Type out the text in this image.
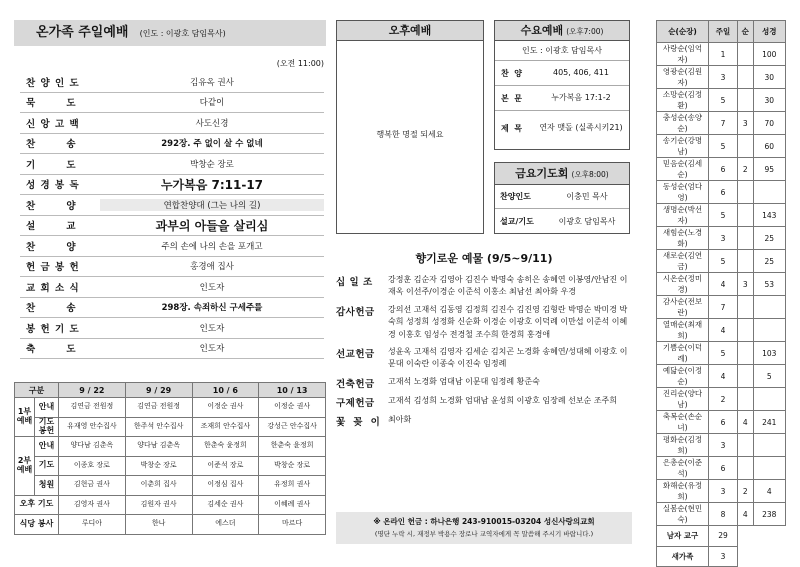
온가족 주일예배 (인도 : 이광호 담임목사)
(오전 11:00)
찬 양 인 도	김유옥 권사
묵       도	다같이
신 앙 고 백	사도신경
찬       송	292장. 주 없이 살 수 없네
기       도	박창순 장로
성 경 봉 독	누가복음 7:11-17
찬       양	연합찬양대 (그는 나의 길)
설       교	과부의 아들을 살리심
찬       양	주의 손에 나의 손을 포개고
헌 금 봉 헌	홍경애 집사
교 회 소 식	인도자
찬       송	298장. 속죄하신 구세주를
봉 헌 기 도	인도자
축       도	인도자
구분		9 / 22	9 / 29	10 / 6	10 / 13
1부 예배	안내	김연금 전원정	김연금 전원정	이정순 권사	이정순 권사
	기도 봉헌	유재영 안수집사	한주석 안수집사	조재희 안수집사	강성근 안수집사
2부 예배	안내	양다남 김춘옥	양다남 김춘옥	한춘숙 윤정희	한춘숙 윤정희
	기도	이종호 장로	박창순 장로	이준석 장로	박창순 장로
	청원	김현금 권사	이춘희 집사	이정심 집사	유정희 권사
오후 기도		김영자 권사	김원자 권사	김세순 권사	이혜례 권사
식당 봉사		루디아	한나	에스더	마르다
오후예배
행복한 명절 되세요
수요예배 (오후7:00)
인도 : 이광호 담임목사
찬  양	405, 406, 411
본  문	누가복음 17:1-2
제  목	연자 맷돌 (실족시키21)
금요기도회 (오후8:00)
찬양인도	이충민 목사
설교/기도	이광호 담임목사
향기로운 예물 (9/5~9/11)
십 일 조	강정훈 김순자 김영아 김진수 박명숙 송히은 송혜연 이봉영/안남진 이재옥 이선주/이경순 이준석 이홍소 최남선 최아화 우경
감사헌금	강의선 고재석 김동영 김정희 김진수 김진영 김형란 박명순 박미경 박숙희 성정희 성정화 신순화 이경순 이광호 이덕례 이만섭 이준석 이혜경 이홍호 임성수 전경철 조수희 한경희 홍경애
선교헌금	성윤옥 고재석 김영자 김세순 김치곤 노경화 송혜연/성대혜 이광호 이문대 이숙란 이종숙 이진숙 임정례
건축헌금	고재석 노경화 엄대남 이문대 임정례 황준숙
구제헌금	고재석 김성희 노경화 엄대남 윤성희 이광호 임장례 선보순 조주희
꽃  꽂  이 최아화
※ 온라인 헌금 : 하나은행 243-910015-03204 성신사랑의교회
(명단 누락 시, 재정부 박용수 장로나 교역자에게 꼭 말씀해 주시기 바랍니다.)
순(순장)	주일	순	성경
사랑순(임억자)	1		100
영광순(김원자)	3		30
소망순(김정환)	5		30
충성순(송양순)	7	3	70
송기순(강명남)	5		60
믿음순(김세순)	6	2	95
동성순(엄다영)	6		
생명순(박선자)	5		143
새힘순(노경화)	3		25
새로순(김연금)	5		25
시온순(정미경)	4	3	53
감사순(전보란)	7		
열매순(최재희)	4		
기쁨순(이덕례)	5		103
예닮순(이정순)	4		5
진리순(양다남)	2		
축복순(손순녀)	6	4	241
평화순(김정희)	3		
은총순(이준석)	6		
화해순(유정희)	3	2	4
실봄순(현민숙)	8	4	238
남자 교구	29		
새가족	3		
